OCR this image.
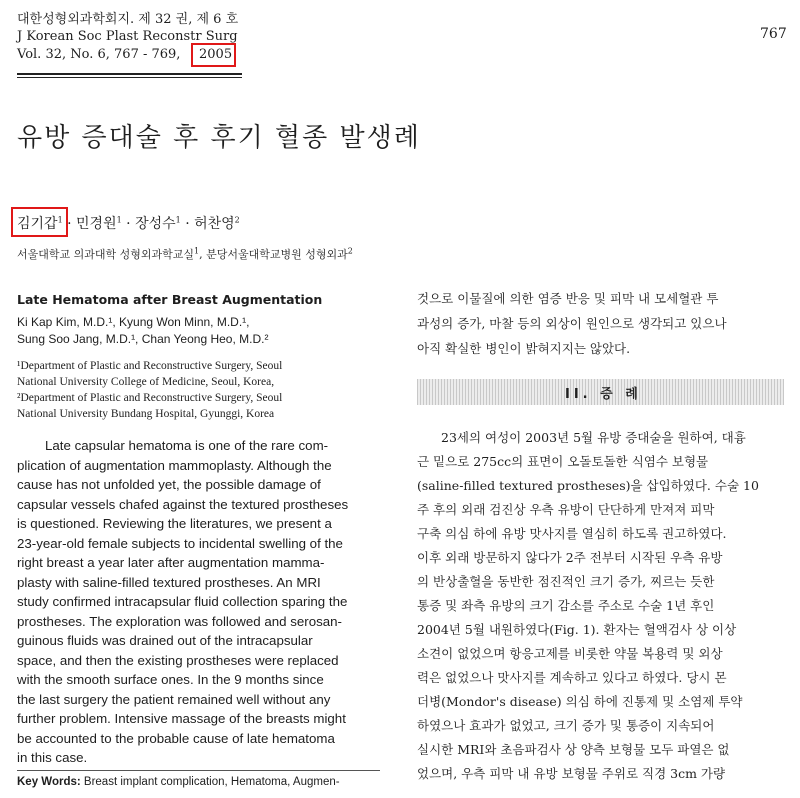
대한성형외과학회지. 제 32 권, 제 6 호
J Korean Soc Plast Reconstr Surg
Vol. 32, No. 6, 767 - 769, 2005
767
유방 증대술 후 후기 혈종 발생례
김기갑$^1$ · 민경원$^1$ · 장성수$^1$ · 허찬영$^2$
서울대학교 의과대학 성형외과학교실$^1$, 분당서울대학교병원 성형외과$^2$
Late Hematoma after Breast Augmentation
Ki Kap Kim, M.D.¹, Kyung Won Minn, M.D.¹,
Sung Soo Jang, M.D.¹, Chan Yeong Heo, M.D.²
¹Department of Plastic and Reconstructive Surgery, Seoul
National University College of Medicine, Seoul, Korea,
²Department of Plastic and Reconstructive Surgery, Seoul
National University Bundang Hospital, Gyunggi, Korea
Late capsular hematoma is one of the rare com-
plication of augmentation mammoplasty. Although the
cause has not unfolded yet, the possible damage of
capsular vessels chafed against the textured prostheses
is questioned. Reviewing the literatures, we present a
23-year-old female subjects to incidental swelling of the
right breast a year later after augmentation mamma-
plasty with saline-filled textured prostheses. An MRI
study confirmed intracapsular fluid collection sparing the
prostheses. The exploration was followed and serosan-
guinous fluids was drained out of the intracapsular
space, and then the existing prostheses were replaced
with the smooth surface ones. In the 9 months since
the last surgery the patient remained well without any
further problem. Intensive massage of the breasts might
be accounted to the probable cause of late hematoma
in this case.
Key Words: Breast implant complication, Hematoma, Augmen-
것으로 이물질에 의한 염증 반응 및 피막 내 모세혈관 투
과성의 증가, 마찰 등의 외상이 원인으로 생각되고 있으나
아직 확실한 병인이 밝혀지지는 않았다.
II. 증 례
23세의 여성이 2003년 5월 유방 증대술을 원하여, 대흉
근 밑으로 275cc의 표면이 오돌토돌한 식염수 보형물
(saline-filled textured prostheses)을 삽입하였다. 수술 10
주 후의 외래 검진상 우측 유방이 단단하게 만져져 피막
구축 의심 하에 유방 맛사지를 열심히 하도록 권고하였다.
이후 외래 방문하지 않다가 2주 전부터 시작된 우측 유방
의 반상출혈을 동반한 점진적인 크기 증가, 찌르는 듯한
통증 및 좌측 유방의 크기 감소를 주소로 수술 1년 후인
2004년 5월 내원하였다(Fig. 1). 환자는 혈액검사 상 이상
소견이 없었으며 항응고제를 비롯한 약물 복용력 및 외상
력은 없었으나 맛사지를 계속하고 있다고 하였다. 당시 몬
더병(Mondor's disease) 의심 하에 진통제 및 소염제 투약
하였으나 효과가 없었고, 크기 증가 및 통증이 지속되어
실시한 MRI와 초음파검사 상 양측 보형물 모두 파열은 없
었으며, 우측 피막 내 유방 보형물 주위로 직경 3cm 가량
